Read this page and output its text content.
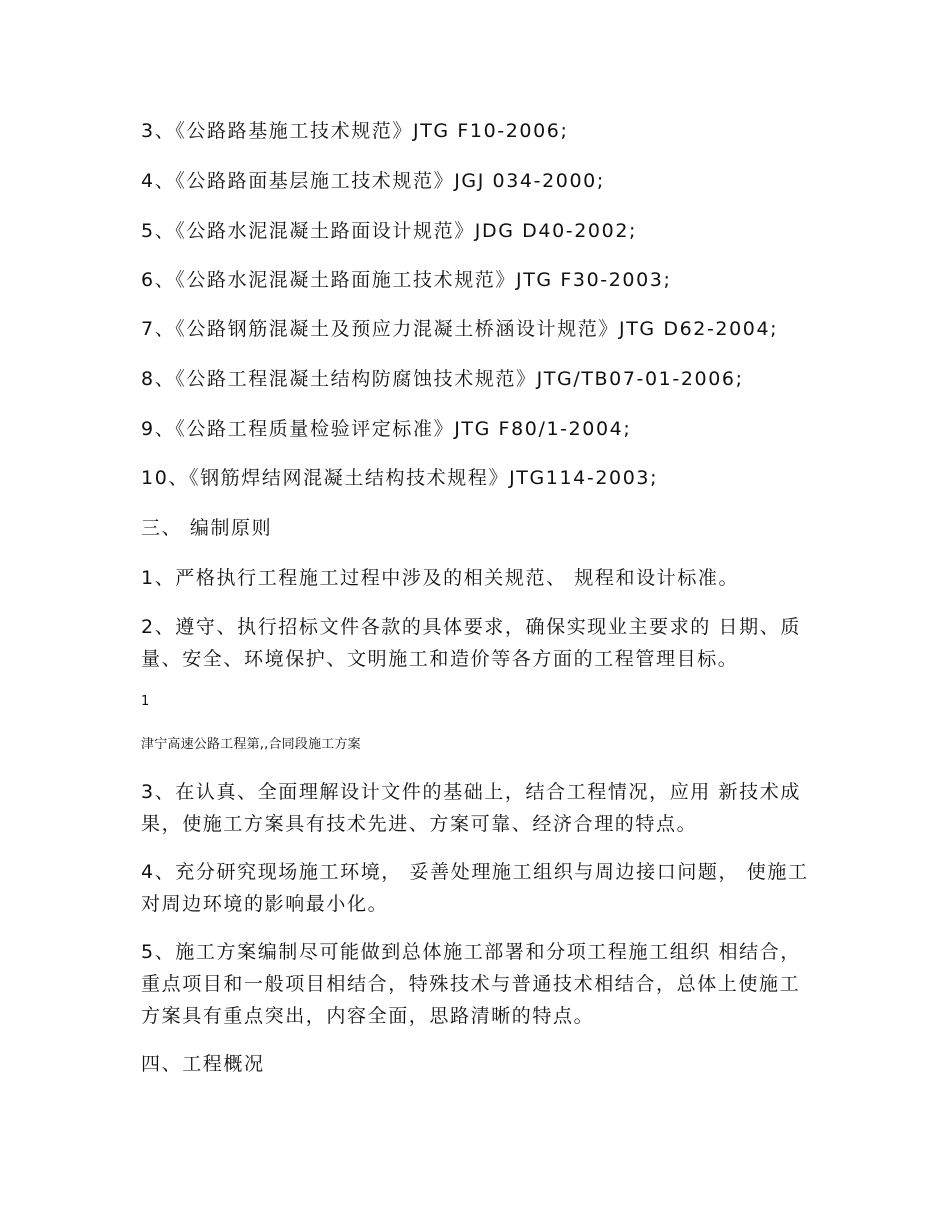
3、《公路路基施工技术规范》JTG F10-2006;
4、《公路路面基层施工技术规范》JGJ 034-2000;
5、《公路水泥混凝土路面设计规范》JDG D40-2002;
6、《公路水泥混凝土路面施工技术规范》JTG F30-2003;
7、《公路钢筋混凝土及预应力混凝土桥涵设计规范》JTG D62-2004;
8、《公路工程混凝土结构防腐蚀技术规范》JTG/TB07-01-2006;
9、《公路工程质量检验评定标准》JTG F80/1-2004;
10、《钢筋焊结网混凝土结构技术规程》JTG114-2003;
三、 编制原则
1、严格执行工程施工过程中涉及的相关规范、 规程和设计标准。
2、遵守、执行招标文件各款的具体要求，确保实现业主要求的 日期、质量、安全、环境保护、文明施工和造价等各方面的工程管理目标。
1
津宁高速公路工程第,,合同段施工方案
3、在认真、全面理解设计文件的基础上，结合工程情况，应用 新技术成果，使施工方案具有技术先进、方案可靠、经济合理的特点。
4、充分研究现场施工环境， 妥善处理施工组织与周边接口问题， 使施工对周边环境的影响最小化。
5、施工方案编制尽可能做到总体施工部署和分项工程施工组织 相结合，重点项目和一般项目相结合，特殊技术与普通技术相结合，总体上使施工方案具有重点突出，内容全面，思路清晰的特点。
四、工程概况
